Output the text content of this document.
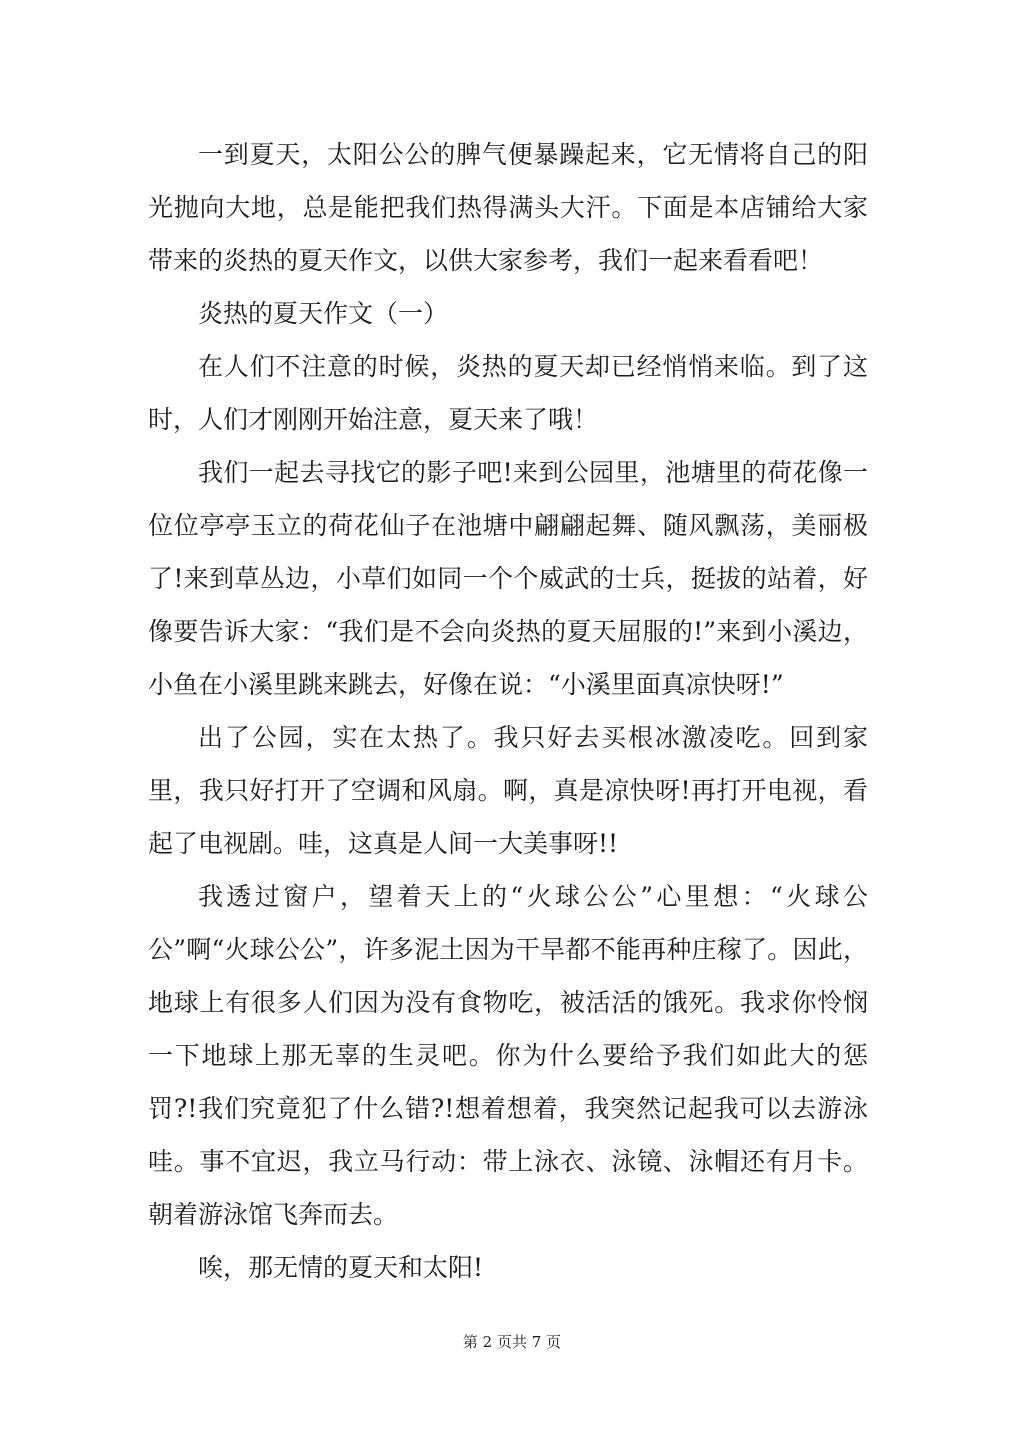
一到夏天，太阳公公的脾气便暴躁起来，它无情将自己的阳光抛向大地，总是能把我们热得满头大汗。下面是本店铺给大家带来的炎热的夏天作文，以供大家参考，我们一起来看看吧！

炎热的夏天作文（一）

在人们不注意的时候，炎热的夏天却已经悄悄来临。到了这时，人们才刚刚开始注意，夏天来了哦！

我们一起去寻找它的影子吧!来到公园里，池塘里的荷花像一位位亭亭玉立的荷花仙子在池塘中翩翩起舞、随风飘荡，美丽极了!来到草丛边，小草们如同一个个威武的士兵，挺拔的站着，好像要告诉大家：“我们是不会向炎热的夏天屈服的!”来到小溪边，小鱼在小溪里跳来跳去，好像在说：“小溪里面真凉快呀!”

出了公园，实在太热了。我只好去买根冰激凌吃。回到家里，我只好打开了空调和风扇。啊，真是凉快呀!再打开电视，看起了电视剧。哇，这真是人间一大美事呀!!

我透过窗户，望着天上的“火球公公”心里想：“火球公公”啊“火球公公”，许多泥土因为干旱都不能再种庄稼了。因此，地球上有很多人们因为没有食物吃，被活活的饿死。我求你怜悯一下地球上那无辜的生灵吧。你为什么要给予我们如此大的惩罚?!我们究竟犯了什么错?!想着想着，我突然记起我可以去游泳哇。事不宜迟，我立马行动：带上泳衣、泳镜、泳帽还有月卡。朝着游泳馆飞奔而去。

唉，那无情的夏天和太阳!

第 2 页共 7 页
